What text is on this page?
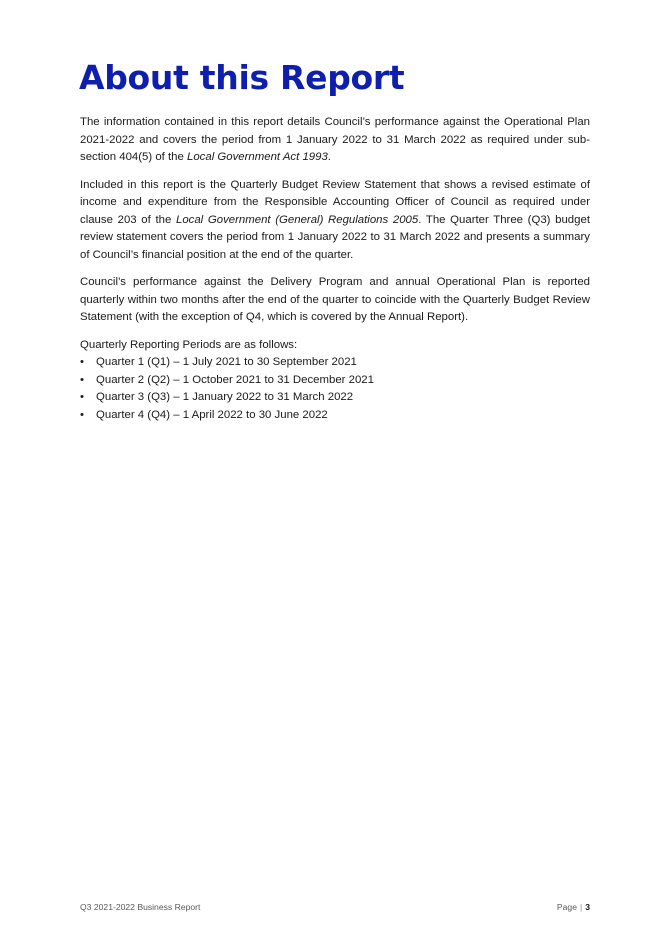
About this Report

The information contained in this report details Council’s performance against the Operational Plan 2021-2022 and covers the period from 1 January 2022 to 31 March 2022 as required under sub-section 404(5) of the Local Government Act 1993.

Included in this report is the Quarterly Budget Review Statement that shows a revised estimate of income and expenditure from the Responsible Accounting Officer of Council as required under clause 203 of the Local Government (General) Regulations 2005. The Quarter Three (Q3) budget review statement covers the period from 1 January 2022 to 31 March 2022 and presents a summary of Council’s financial position at the end of the quarter.

Council’s performance against the Delivery Program and annual Operational Plan is reported quarterly within two months after the end of the quarter to coincide with the Quarterly Budget Review Statement (with the exception of Q4, which is covered by the Annual Report).

Quarterly Reporting Periods are as follows:

• Quarter 1 (Q1) – 1 July 2021 to 30 September 2021
• Quarter 2 (Q2) – 1 October 2021 to 31 December 2021
• Quarter 3 (Q3) – 1 January 2022 to 31 March 2022
• Quarter 4 (Q4) – 1 April 2022 to 30 June 2022
Q3 2021-2022 Business Report	Page | 3
